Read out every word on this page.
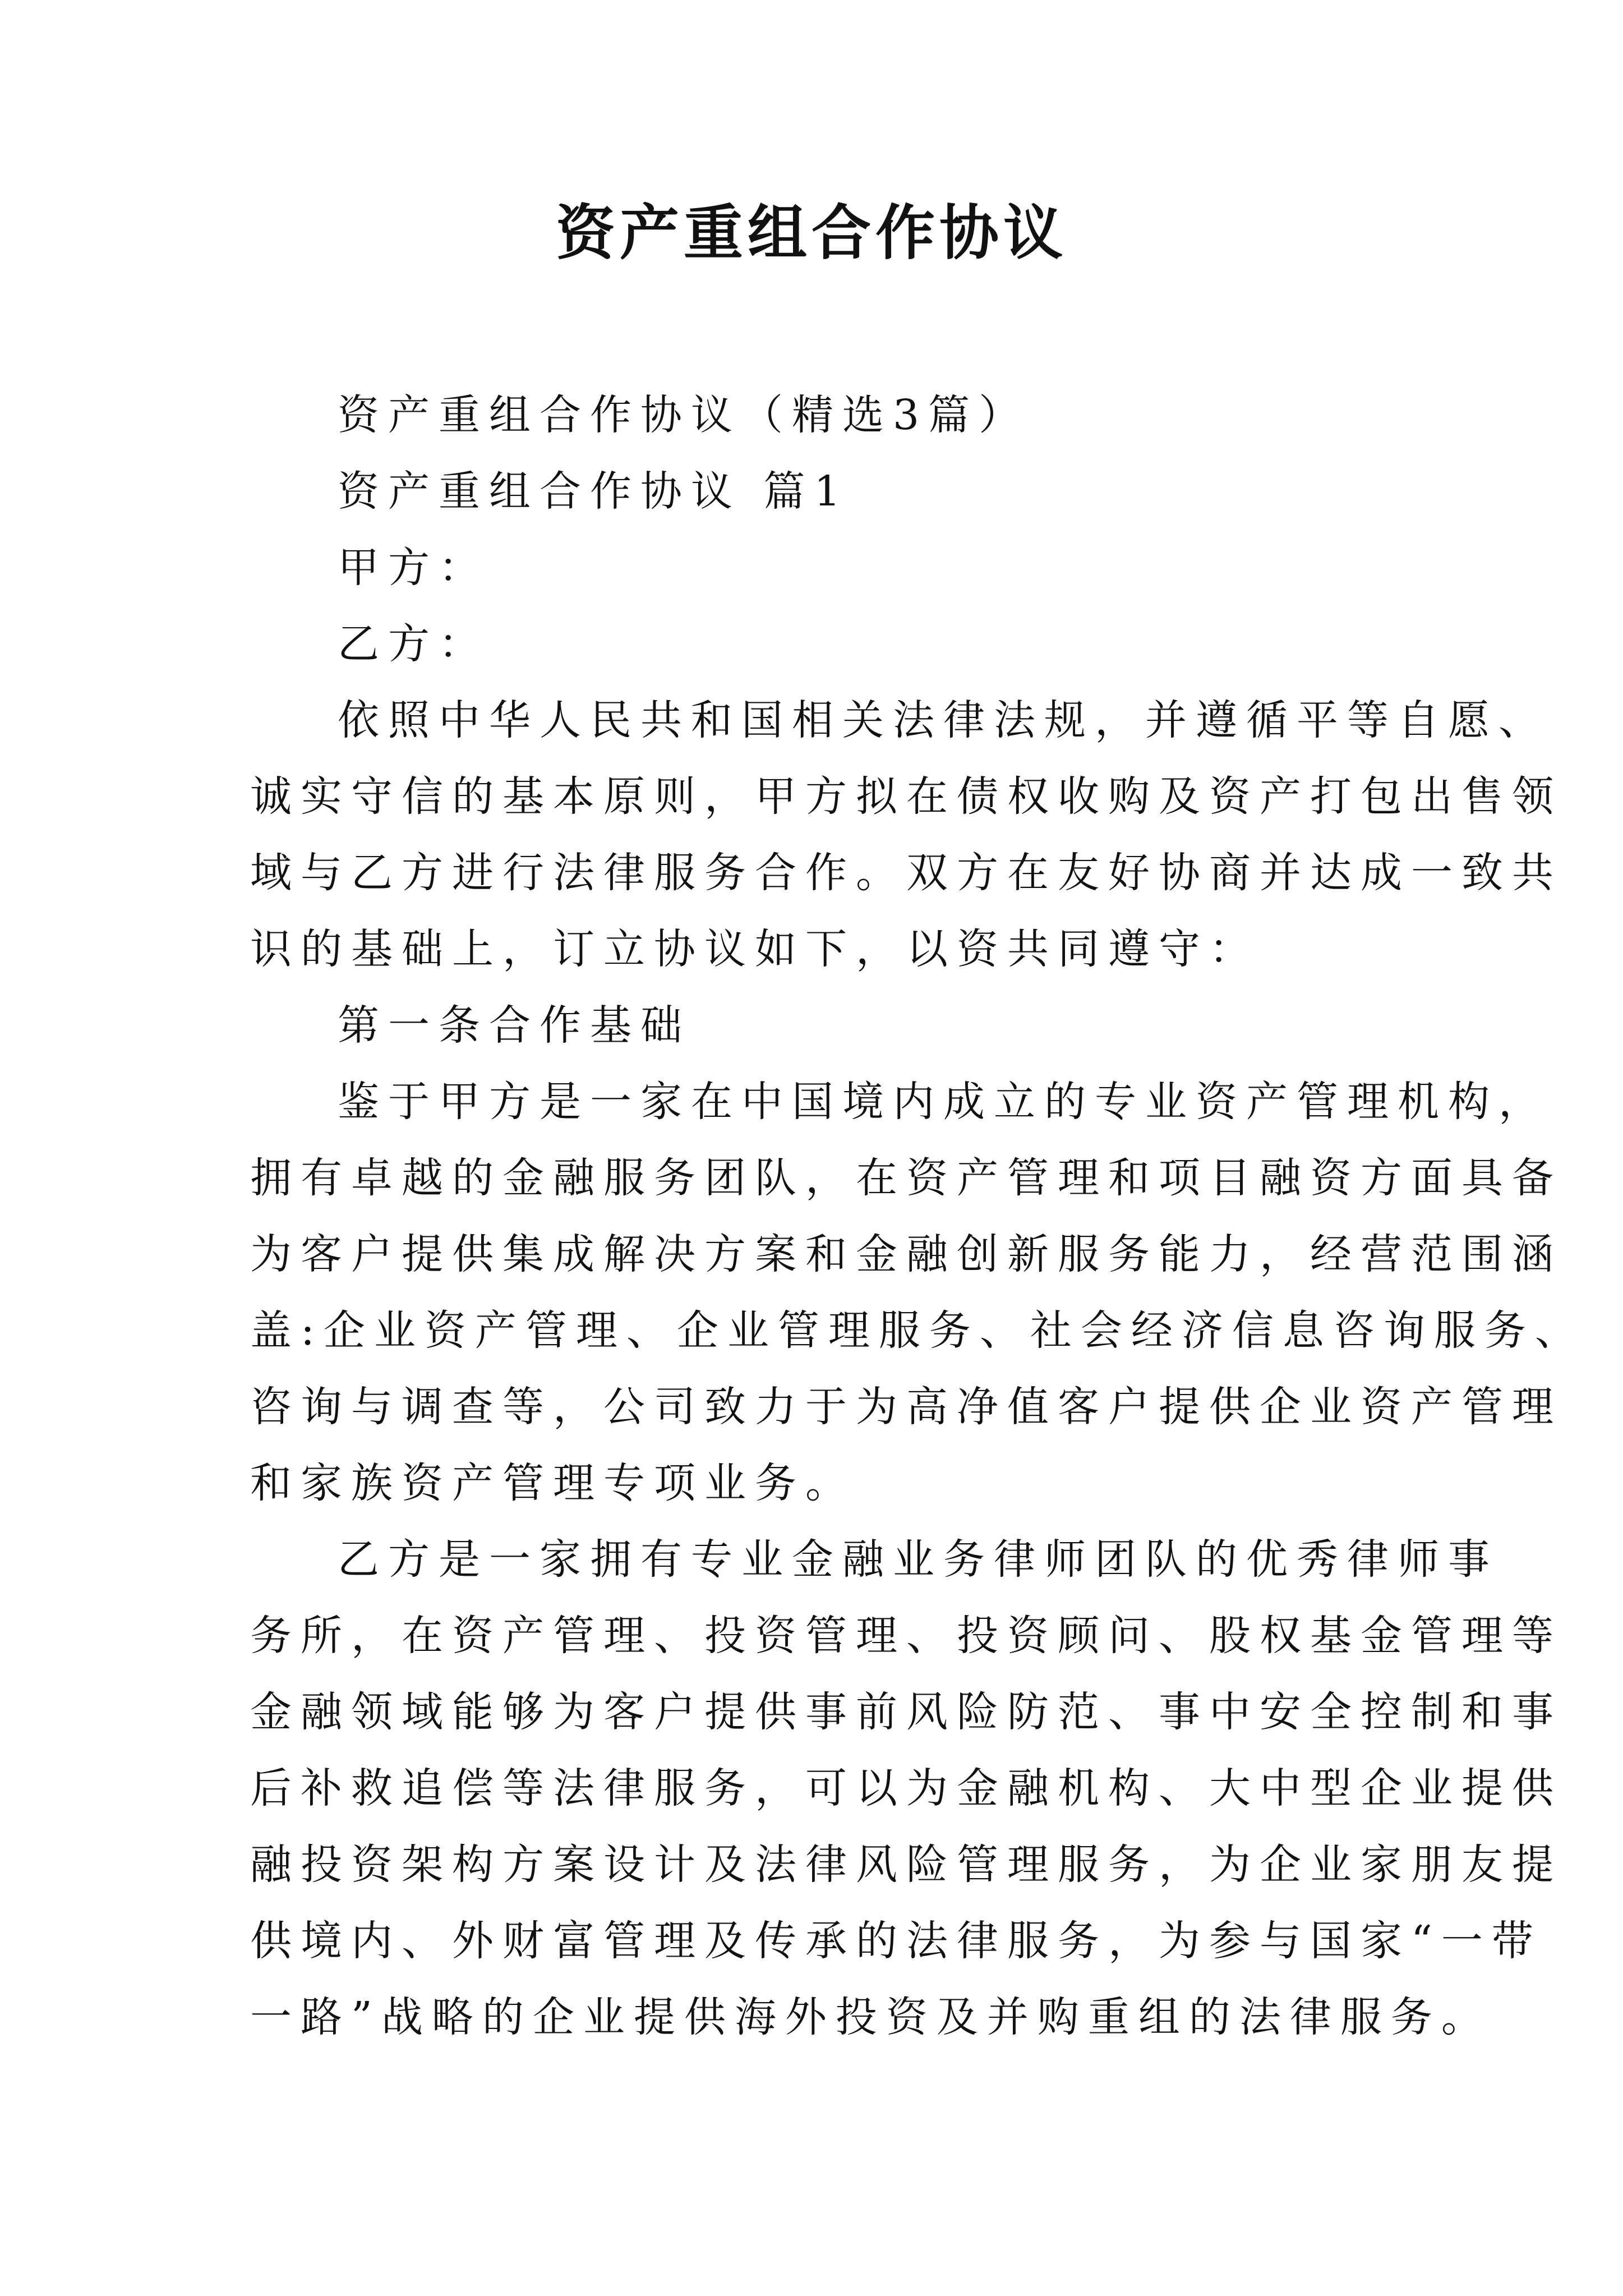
资产重组合作协议
资产重组合作协议（精选3篇）
资产重组合作协议 篇1
甲方：
乙方：
依照中华人民共和国相关法律法规，并遵循平等自愿、
诚实守信的基本原则，甲方拟在债权收购及资产打包出售领
域与乙方进行法律服务合作。双方在友好协商并达成一致共
识的基础上，订立协议如下，以资共同遵守：
第一条合作基础
鉴于甲方是一家在中国境内成立的专业资产管理机构，
拥有卓越的金融服务团队，在资产管理和项目融资方面具备
为客户提供集成解决方案和金融创新服务能力，经营范围涵
盖:企业资产管理、企业管理服务、社会经济信息咨询服务、
咨询与调查等，公司致力于为高净值客户提供企业资产管理
和家族资产管理专项业务。
乙方是一家拥有专业金融业务律师团队的优秀律师事
务所，在资产管理、投资管理、投资顾问、股权基金管理等
金融领域能够为客户提供事前风险防范、事中安全控制和事
后补救追偿等法律服务，可以为金融机构、大中型企业提供
融投资架构方案设计及法律风险管理服务，为企业家朋友提
供境内、外财富管理及传承的法律服务，为参与国家“一带
一路”战略的企业提供海外投资及并购重组的法律服务。
